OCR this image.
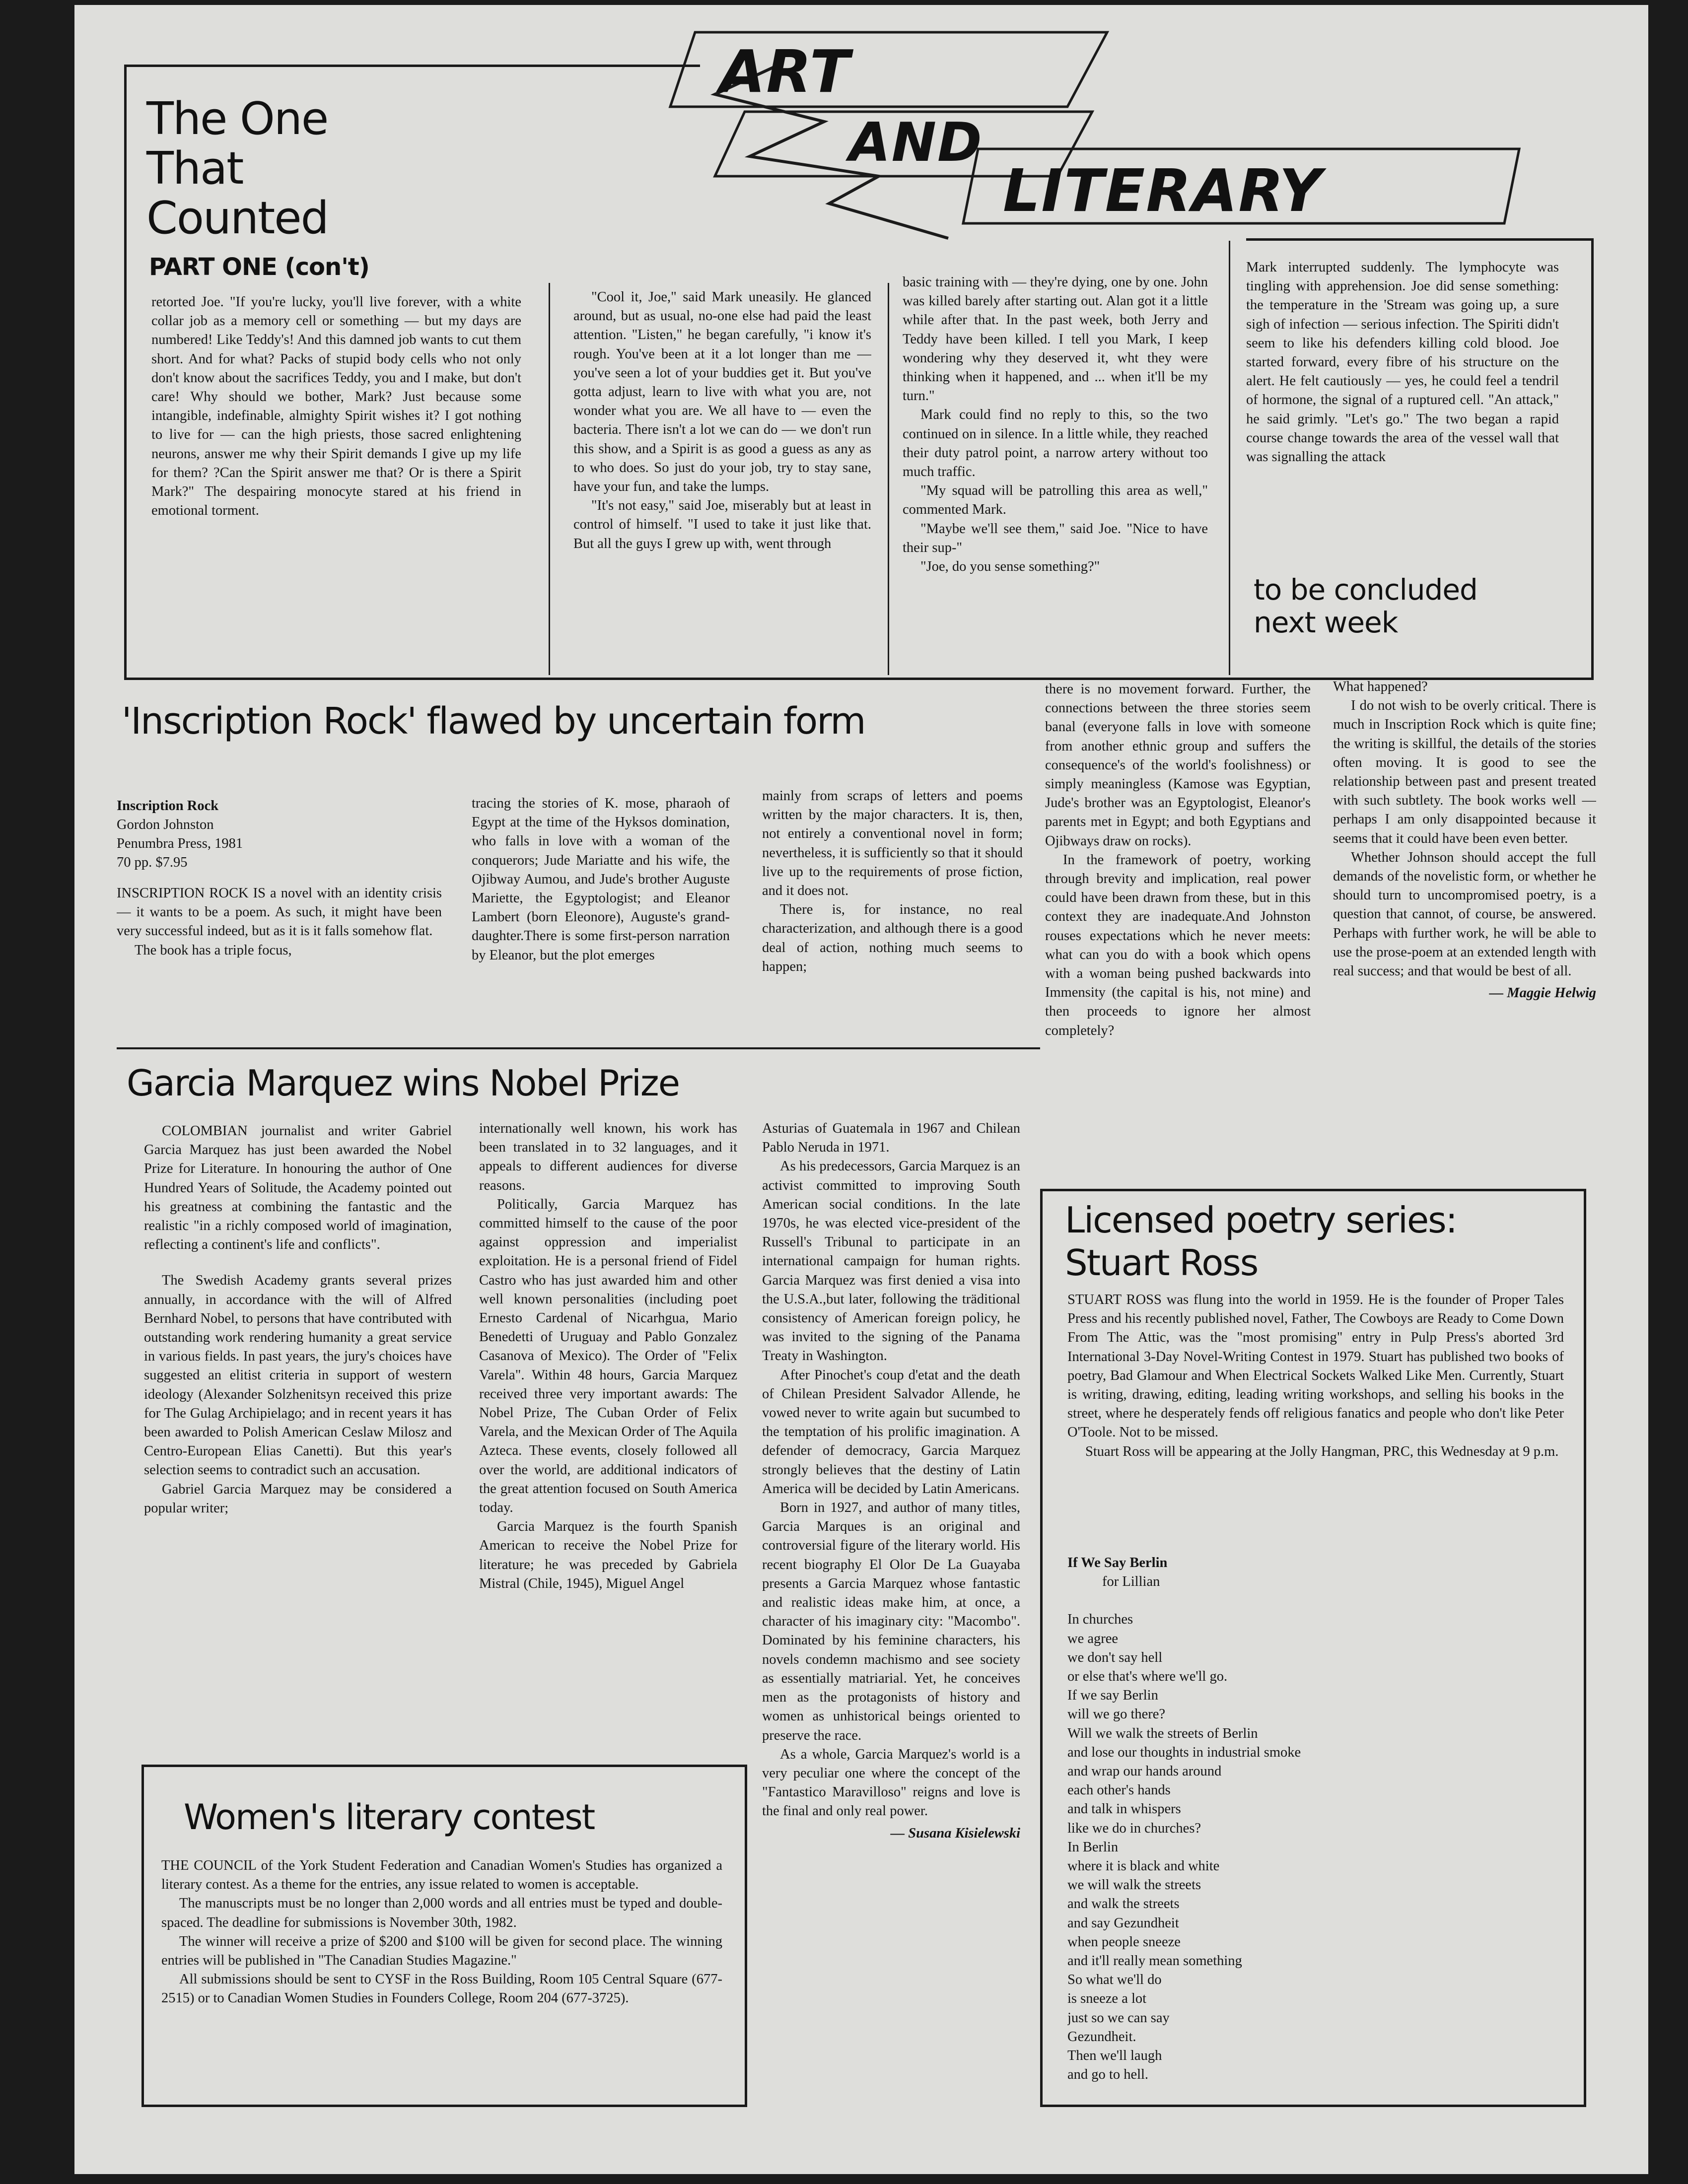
ART
AND
LITERARY
The One
That
Counted
PART ONE (con't)

retorted Joe. "If you're lucky, you'll live forever, with a white collar job as a memory cell or something — but my days are numbered! Like Teddy's! And this damned job wants to cut them short. And for what? Packs of stupid body cells who not only don't know about the sacrifices Teddy, you and I make, but don't care! Why should we bother, Mark? Just because some intangible, indefinable, almighty Spirit wishes it? I got nothing to live for — can the high priests, those sacred enlightening neurons, answer me why their Spirit demands I give up my life for them? ?Can the Spirit answer me that? Or is there a Spirit Mark?" The despairing monocyte stared at his friend in emotional torment.

"Cool it, Joe," said Mark uneasily. He glanced around, but as usual, no-one else had paid the least attention. "Listen," he began carefully, "i know it's rough. You've been at it a lot longer than me — you've seen a lot of your buddies get it. But you've gotta adjust, learn to live with what you are, not wonder what you are. We all have to — even the bacteria. There isn't a lot we can do — we don't run this show, and a Spirit is as good a guess as any as to who does. So just do your job, try to stay sane, have your fun, and take the lumps.

"It's not easy," said Joe, miserably but at least in control of himself. "I used to take it just like that. But all the guys I grew up with, went through

basic training with — they're dying, one by one. John was killed barely after starting out. Alan got it a little while after that. In the past week, both Jerry and Teddy have been killed. I tell you Mark, I keep wondering why they deserved it, wht they were thinking when it happened, and ... when it'll be my turn."

Mark could find no reply to this, so the two continued on in silence. In a little while, they reached their duty patrol point, a narrow artery without too much traffic.

"My squad will be patrolling this area as well," commented Mark.

"Maybe we'll see them," said Joe. "Nice to have their sup-"

"Joe, do you sense something?"

Mark interrupted suddenly. The lymphocyte was tingling with apprehension. Joe did sense something: the temperature in the 'Stream was going up, a sure sigh of infection — serious infection. The Spiriti didn't seem to like his defenders killing cold blood. Joe started forward, every fibre of his structure on the alert. He felt cautiously — yes, he could feel a tendril of hormone, the signal of a ruptured cell. "An attack," he said grimly. "Let's go." The two began a rapid course change towards the area of the vessel wall that was signalling the attack

to be concluded
next week
'Inscription Rock' flawed by uncertain form
Inscription Rock
Gordon Johnston
Penumbra Press, 1981
70 pp. $7.95

INSCRIPTION ROCK IS a novel with an identity crisis — it wants to be a poem. As such, it might have been very successful indeed, but as it is it falls somehow flat.

The book has a triple focus,

tracing the stories of K. mose, pharaoh of Egypt at the time of the Hyksos domination, who falls in love with a woman of the conquerors; Jude Mariatte and his wife, the Ojibway Aumou, and Jude's brother Auguste Mariette, the Egyptologist; and Eleanor Lambert (born Eleonore), Auguste's grand-daughter.There is some first-person narration by Eleanor, but the plot emerges

mainly from scraps of letters and poems written by the major characters. It is, then, not entirely a conventional novel in form; nevertheless, it is sufficiently so that it should live up to the requirements of prose fiction, and it does not.

There is, for instance, no real characterization, and although there is a good deal of action, nothing much seems to happen;

there is no movement forward. Further, the connections between the three stories seem banal (everyone falls in love with someone from another ethnic group and suffers the consequence's of the world's foolishness) or simply meaningless (Kamose was Egyptian, Jude's brother was an Egyptologist, Eleanor's parents met in Egypt; and both Egyptians and Ojibways draw on rocks).

In the framework of poetry, working through brevity and implication, real power could have been drawn from these, but in this context they are inadequate.And Johnston rouses expectations which he never meets: what can you do with a book which opens with a woman being pushed backwards into Immensity (the capital is his, not mine) and then proceeds to ignore her almost completely?

What happened?

I do not wish to be overly critical. There is much in Inscription Rock which is quite fine; the writing is skillful, the details of the stories often moving. It is good to see the relationship between past and present treated with such subtlety. The book works well — perhaps I am only disappointed because it seems that it could have been even better.

Whether Johnson should accept the full demands of the novelistic form, or whether he should turn to uncompromised poetry, is a question that cannot, of course, be answered. Perhaps with further work, he will be able to use the prose-poem at an extended length with real success; and that would be best of all.

— Maggie Helwig

Garcia Marquez wins Nobel Prize

COLOMBIAN journalist and writer Gabriel Garcia Marquez has just been awarded the Nobel Prize for Literature. In honouring the author of One Hundred Years of Solitude, the Academy pointed out his greatness at combining the fantastic and the realistic "in a richly composed world of imagination, reflecting a continent's life and conflicts".

The Swedish Academy grants several prizes annually, in accordance with the will of Alfred Bernhard Nobel, to persons that have contributed with outstanding work rendering humanity a great service in various fields. In past years, the jury's choices have suggested an elitist criteria in support of western ideology (Alexander Solzhenitsyn received this prize for The Gulag Archipielago; and in recent years it has been awarded to Polish American Ceslaw Milosz and Centro-European Elias Canetti). But this year's selection seems to contradict such an accusation.

Gabriel Garcia Marquez may be considered a popular writer;

internationally well known, his work has been translated in to 32 languages, and it appeals to different audiences for diverse reasons.

Politically, Garcia Marquez has committed himself to the cause of the poor against oppression and imperialist exploitation. He is a personal friend of Fidel Castro who has just awarded him and other well known personalities (including poet Ernesto Cardenal of Nicarhgua, Mario Benedetti of Uruguay and Pablo Gonzalez Casanova of Mexico). The Order of "Felix Varela". Within 48 hours, Garcia Marquez received three very important awards: The Nobel Prize, The Cuban Order of Felix Varela, and the Mexican Order of The Aquila Azteca. These events, closely followed all over the world, are additional indicators of the great attention focused on South America today.

Garcia Marquez is the fourth Spanish American to receive the Nobel Prize for literature; he was preceded by Gabriela Mistral (Chile, 1945), Miguel Angel

Asturias of Guatemala in 1967 and Chilean Pablo Neruda in 1971.

As his predecessors, Garcia Marquez is an activist committed to improving South American social conditions. In the late 1970s, he was elected vice-president of the Russell's Tribunal to participate in an international campaign for human rights. Garcia Marquez was first denied a visa into the U.S.A.,but later, following the träditional consistency of American foreign policy, he was invited to the signing of the Panama Treaty in Washington.

After Pinochet's coup d'etat and the death of Chilean President Salvador Allende, he vowed never to write again but sucumbed to the temptation of his prolific imagination. A defender of democracy, Garcia Marquez strongly believes that the destiny of Latin America will be decided by Latin Americans.

Born in 1927, and author of many titles, Garcia Marques is an original and controversial figure of the literary world. His recent biography El Olor De La Guayaba presents a Garcia Marquez whose fantastic and realistic ideas make him, at once, a character of his imaginary city: "Macombo". Dominated by his feminine characters, his novels condemn machismo and see society as essentially matriarial. Yet, he conceives men as the protagonists of history and women as unhistorical beings oriented to preserve the race.

As a whole, Garcia Marquez's world is a very peculiar one where the concept of the "Fantastico Maravilloso" reigns and love is the final and only real power.

— Susana Kisielewski

Women's literary contest

THE COUNCIL of the York Student Federation and Canadian Women's Studies has organized a literary contest. As a theme for the entries, any issue related to women is acceptable.

The manuscripts must be no longer than 2,000 words and all entries must be typed and double-spaced. The deadline for submissions is November 30th, 1982.

The winner will receive a prize of $200 and $100 will be given for second place. The winning entries will be published in "The Canadian Studies Magazine."

All submissions should be sent to CYSF in the Ross Building, Room 105 Central Square (677-2515) or to Canadian Women Studies in Founders College, Room 204 (677-3725).

Licensed poetry series:
Stuart Ross

STUART ROSS was flung into the world in 1959. He is the founder of Proper Tales Press and his recently published novel, Father, The Cowboys are Ready to Come Down From The Attic, was the "most promising" entry in Pulp Press's aborted 3rd International 3-Day Novel-Writing Contest in 1979. Stuart has published two books of poetry, Bad Glamour and When Electrical Sockets Walked Like Men. Currently, Stuart is writing, drawing, editing, leading writing workshops, and selling his books in the street, where he desperately fends off religious fanatics and people who don't like Peter O'Toole. Not to be missed.

Stuart Ross will be appearing at the Jolly Hangman, PRC, this Wednesday at 9 p.m.

If We Say Berlin
for Lillian
In churches
we agree
we don't say hell
or else that's where we'll go.
If we say Berlin
will we go there?
Will we walk the streets of Berlin
and lose our thoughts in industrial smoke
and wrap our hands around
each other's hands
and talk in whispers
like we do in churches?
In Berlin
where it is black and white
we will walk the streets
and walk the streets
and say Gezundheit
when people sneeze
and it'll really mean something
So what we'll do
is sneeze a lot
just so we can say
Gezundheit.
Then we'll laugh
and go to hell.
